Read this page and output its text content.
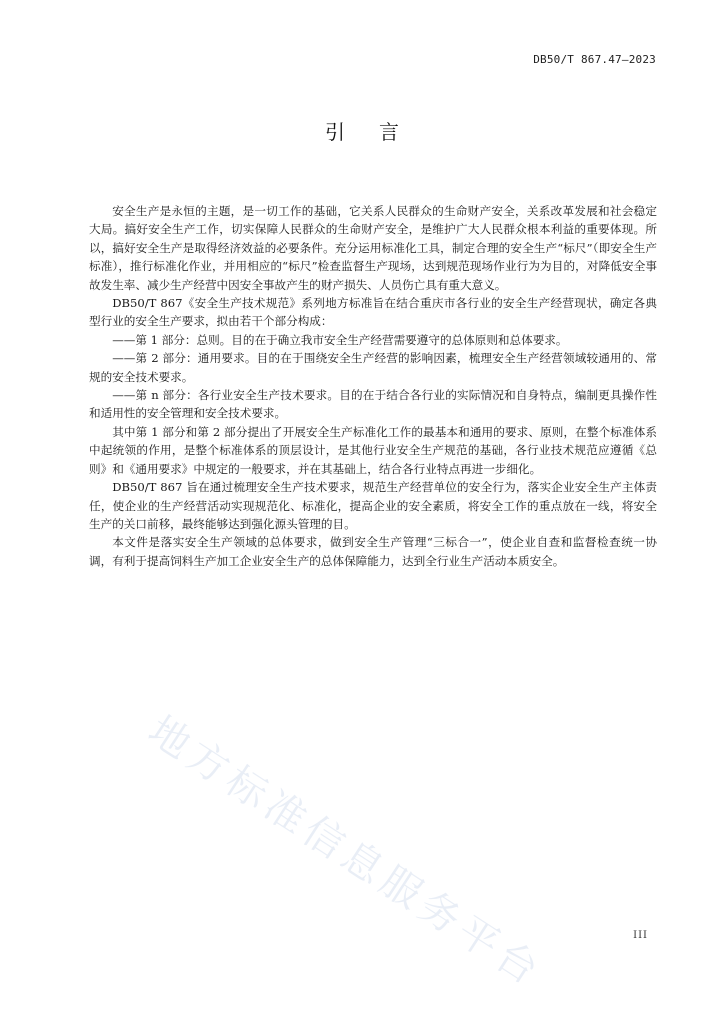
DB50/T 867.47—2023
引言

安全生产是永恒的主题，是一切工作的基础，它关系人民群众的生命财产安全，关系改革发展和社会稳定大局。搞好安全生产工作，切实保障人民群众的生命财产安全，是维护广大人民群众根本利益的重要体现。所以，搞好安全生产是取得经济效益的必要条件。充分运用标准化工具，制定合理的安全生产“标尺”（即安全生产标准），推行标准化作业，并用相应的“标尺”检查监督生产现场，达到规范现场作业行为为目的，对降低安全事故发生率、减少生产经营中因安全事故产生的财产损失、人员伤亡具有重大意义。

DB50/T 867《安全生产技术规范》系列地方标准旨在结合重庆市各行业的安全生产经营现状，确定各典型行业的安全生产要求，拟由若干个部分构成：

——第 1 部分：总则。目的在于确立我市安全生产经营需要遵守的总体原则和总体要求。

——第 2 部分：通用要求。目的在于围绕安全生产经营的影响因素，梳理安全生产经营领域较通用的、常规的安全技术要求。

——第 n 部分：各行业安全生产技术要求。目的在于结合各行业的实际情况和自身特点，编制更具操作性和适用性的安全管理和安全技术要求。

其中第 1 部分和第 2 部分提出了开展安全生产标准化工作的最基本和通用的要求、原则，在整个标准体系中起统领的作用，是整个标准体系的顶层设计，是其他行业安全生产规范的基础，各行业技术规范应遵循《总则》和《通用要求》中规定的一般要求，并在其基础上，结合各行业特点再进一步细化。

DB50/T 867 旨在通过梳理安全生产技术要求，规范生产经营单位的安全行为，落实企业安全生产主体责任，使企业的生产经营活动实现规范化、标准化，提高企业的安全素质，将安全工作的重点放在一线，将安全生产的关口前移，最终能够达到强化源头管理的目。

本文件是落实安全生产领域的总体要求，做到安全生产管理“三标合一”，使企业自查和监督检查统一协调，有利于提高饲料生产加工企业安全生产的总体保障能力，达到全行业生产活动本质安全。

地方标准信息服务平台	III
